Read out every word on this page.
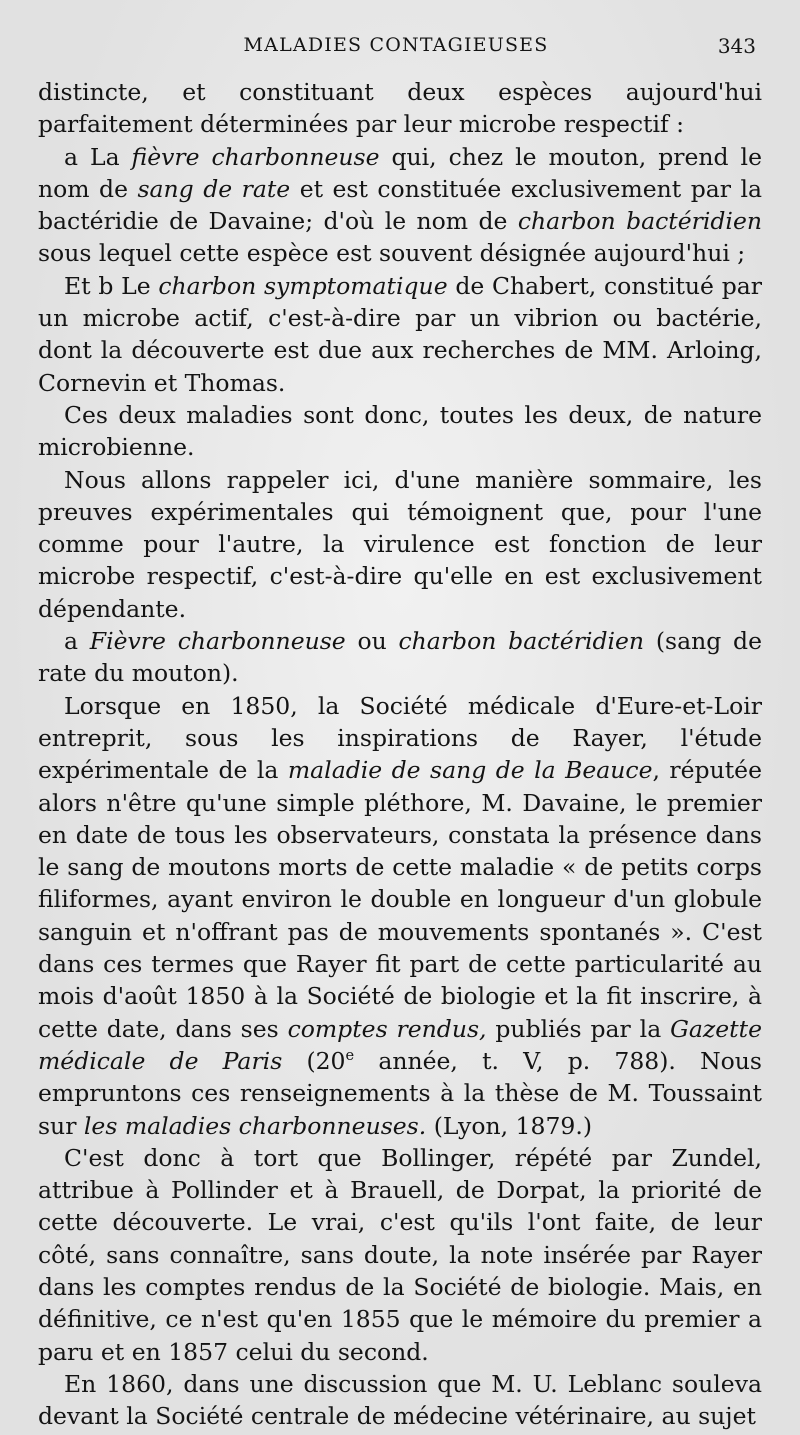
MALADIES CONTAGIEUSES	343

distincte, et constituant deux espèces aujourd'hui parfaitement déterminées par leur microbe respectif :

a La fièvre charbonneuse qui, chez le mouton, prend le nom de sang de rate et est constituée exclusivement par la bactéridie de Davaine; d'où le nom de charbon bactéridien sous lequel cette espèce est souvent désignée aujourd'hui ;

Et b Le charbon symptomatique de Chabert, constitué par un microbe actif, c'est-à-dire par un vibrion ou bactérie, dont la découverte est due aux recherches de MM. Arloing, Cornevin et Thomas.

Ces deux maladies sont donc, toutes les deux, de nature microbienne.

Nous allons rappeler ici, d'une manière sommaire, les preuves expérimentales qui témoignent que, pour l'une comme pour l'autre, la virulence est fonction de leur microbe respectif, c'est-à-dire qu'elle en est exclusivement dépendante.

a Fièvre charbonneuse ou charbon bactéridien (sang de rate du mouton).

Lorsque en 1850, la Société médicale d'Eure-et-Loir entreprit, sous les inspirations de Rayer, l'étude expérimentale de la maladie de sang de la Beauce, réputée alors n'être qu'une simple pléthore, M. Davaine, le premier en date de tous les observateurs, constata la présence dans le sang de moutons morts de cette maladie « de petits corps filiformes, ayant environ le double en longueur d'un globule sanguin et n'offrant pas de mouvements spontanés ». C'est dans ces termes que Rayer fit part de cette particularité au mois d'août 1850 à la Société de biologie et la fit inscrire, à cette date, dans ses comptes rendus, publiés par la Gazette médicale de Paris (20e année, t. V, p. 788). Nous empruntons ces renseignements à la thèse de M. Toussaint sur les maladies charbonneuses. (Lyon, 1879.)

C'est donc à tort que Bollinger, répété par Zundel, attribue à Pollinder et à Brauell, de Dorpat, la priorité de cette découverte. Le vrai, c'est qu'ils l'ont faite, de leur côté, sans connaître, sans doute, la note insérée par Rayer dans les comptes rendus de la Société de biologie. Mais, en définitive, ce n'est qu'en 1855 que le mémoire du premier a paru et en 1857 celui du second.

En 1860, dans une discussion que M. U. Leblanc souleva devant la Société centrale de médecine vétérinaire, au sujet
